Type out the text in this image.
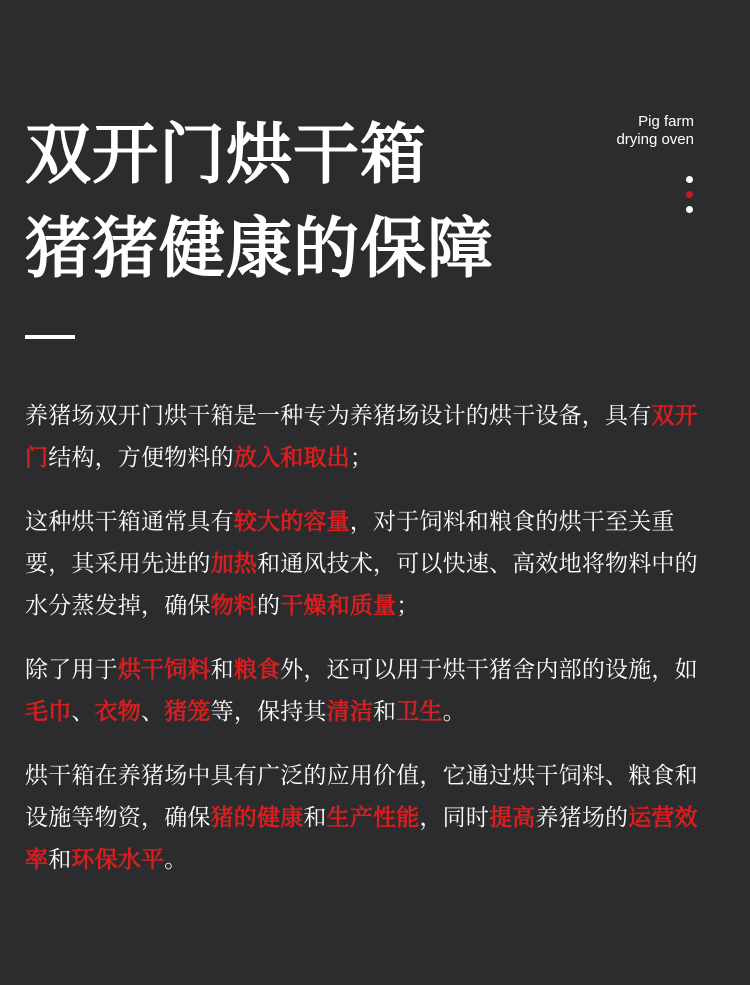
双开门烘干箱
猪猪健康的保障
Pig farm
drying oven

养猪场双开门烘干箱是一种专为养猪场设计的烘干设备，具有双开门结构，方便物料的放入和取出；

这种烘干箱通常具有较大的容量，对于饲料和粮食的烘干至关重要，其采用先进的加热和通风技术，可以快速、高效地将物料中的水分蒸发掉，确保物料的干燥和质量；

除了用于烘干饲料和粮食外，还可以用于烘干猪舍内部的设施，如毛巾、衣物、猪笼等，保持其清洁和卫生。

烘干箱在养猪场中具有广泛的应用价值，它通过烘干饲料、粮食和设施等物资，确保猪的健康和生产性能，同时提高养猪场的运营效率和环保水平。
